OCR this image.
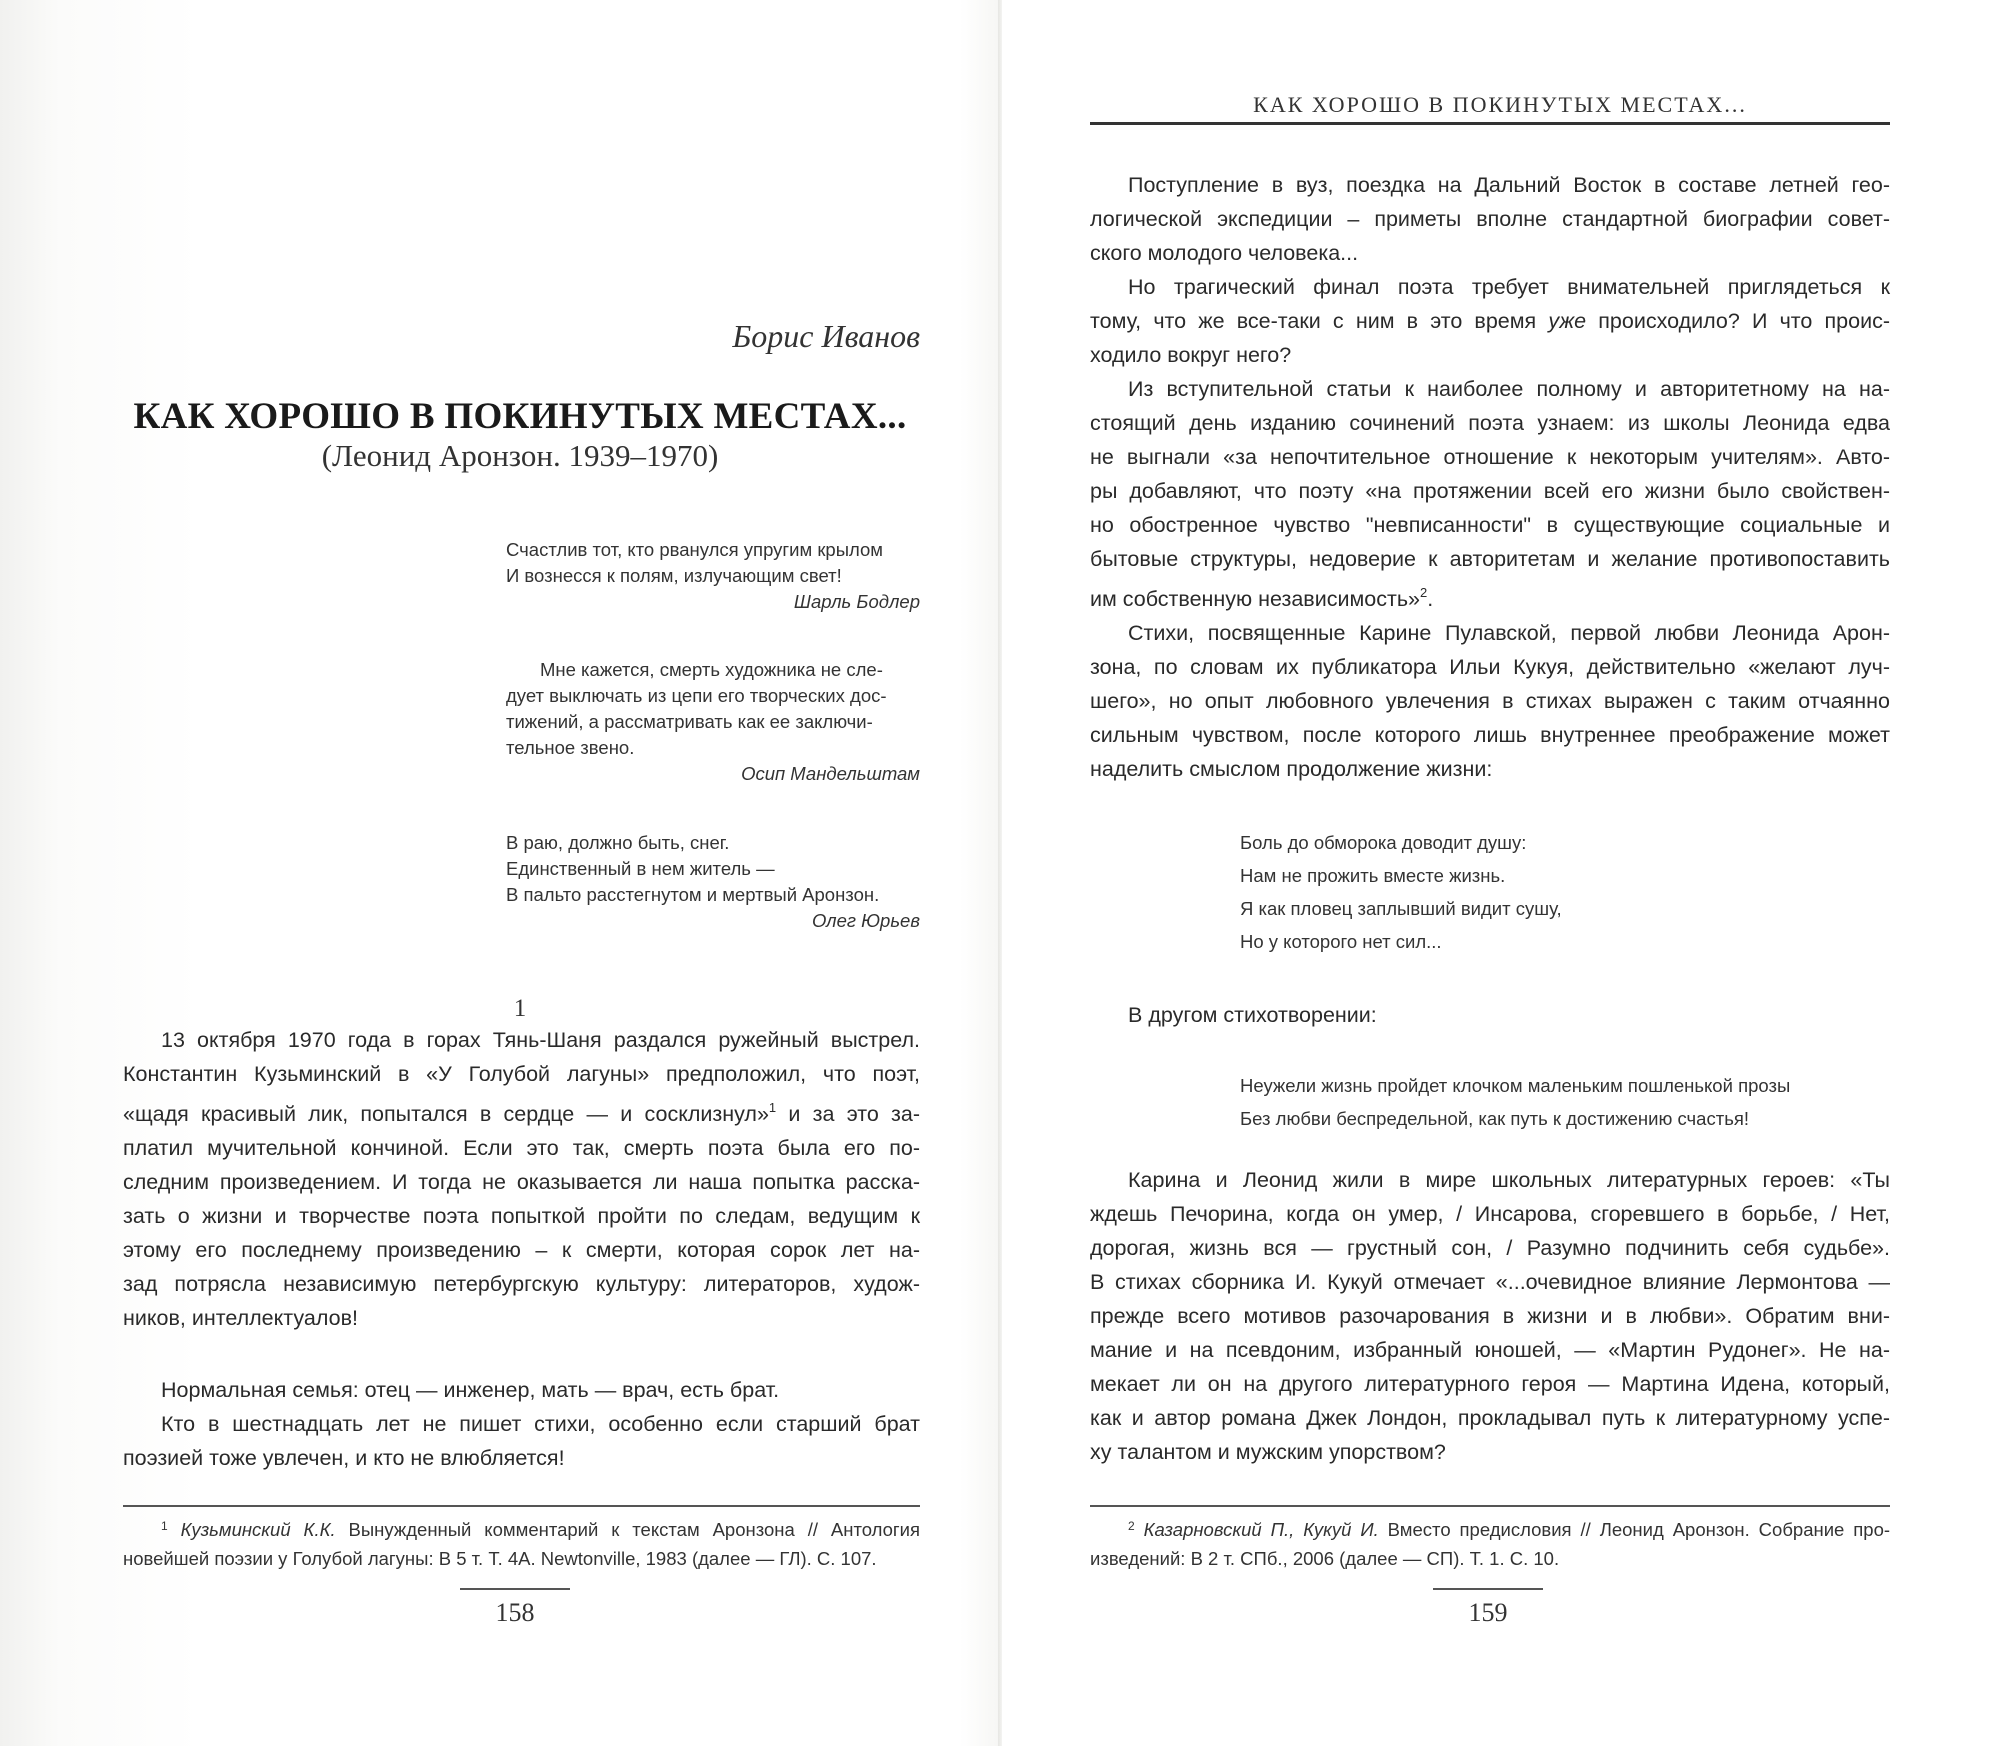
Борис Иванов
КАК ХОРОШО В ПОКИНУТЫХ МЕСТАХ...
(Леонид Аронзон. 1939–1970)
Счастлив тот, кто рванулся упругим крылом
И вознесся к полям, излучающим свет!
Шарль Бодлер
Мне кажется, смерть художника не сле-
дует выключать из цепи его творческих дос-
тижений, а рассматривать как ее заключи-
тельное звено.
Осип Мандельштам
В раю, должно быть, снег.
Единственный в нем житель —
В пальто расстегнутом и мертвый Аронзон.
Олег Юрьев
1
13 октября 1970 года в горах Тянь-Шаня раздался ружейный выстрел.
Константин Кузьминский в «У Голубой лагуны» предположил, что поэт,
«щадя красивый лик, попытался в сердце — и сосклизнул»$^1$ и за это за-
платил мучительной кончиной. Если это так, смерть поэта была его по-
следним произведением. И тогда не оказывается ли наша попытка расска-
зать о жизни и творчестве поэта попыткой пройти по следам, ведущим к
этому его последнему произведению – к смерти, которая сорок лет на-
зад потрясла независимую петербургскую культуру: литераторов, худож-
ников, интеллектуалов!
Нормальная семья: отец — инженер, мать — врач, есть брат.
Кто в шестнадцать лет не пишет стихи, особенно если старший брат
поэзией тоже увлечен, и кто не влюбляется!
$^1$ Кузьминский К.К. Вынужденный комментарий к текстам Аронзона // Антология
новейшей поэзии у Голубой лагуны: В 5 т. Т. 4А. Newtonville, 1983 (далее — ГЛ). С. 107.
158
КАК ХОРОШО В ПОКИНУТЫХ МЕСТАХ...
Поступление в вуз, поездка на Дальний Восток в составе летней гео-
логической экспедиции – приметы вполне стандартной биографии совет-
ского молодого человека...
Но трагический финал поэта требует внимательней приглядеться к
тому, что же все-таки с ним в это время уже происходило? И что проис-
ходило вокруг него?
Из вступительной статьи к наиболее полному и авторитетному на на-
стоящий день изданию сочинений поэта узнаем: из школы Леонида едва
не выгнали «за непочтительное отношение к некоторым учителям». Авто-
ры добавляют, что поэту «на протяжении всей его жизни было свойствен-
но обостренное чувство "невписанности" в существующие социальные и
бытовые структуры, недоверие к авторитетам и желание противопоставить
им собственную независимость»$^2$.
Стихи, посвященные Карине Пулавской, первой любви Леонида Арон-
зона, по словам их публикатора Ильи Кукуя, действительно «желают луч-
шего», но опыт любовного увлечения в стихах выражен с таким отчаянно
сильным чувством, после которого лишь внутреннее преображение может
наделить смыслом продолжение жизни:
Боль до обморока доводит душу:
Нам не прожить вместе жизнь.
Я как пловец заплывший видит сушу,
Но у которого нет сил...
В другом стихотворении:
Неужели жизнь пройдет клочком маленьким пошленькой прозы
Без любви беспредельной, как путь к достижению счастья!
Карина и Леонид жили в мире школьных литературных героев: «Ты
ждешь Печорина, когда он умер, / Инсарова, сгоревшего в борьбе, / Нет,
дорогая, жизнь вся — грустный сон, / Разумно подчинить себя судьбе».
В стихах сборника И. Кукуй отмечает «...очевидное влияние Лермонтова —
прежде всего мотивов разочарования в жизни и в любви». Обратим вни-
мание и на псевдоним, избранный юношей, — «Мартин Рудонег». Не на-
мекает ли он на другого литературного героя — Мартина Идена, который,
как и автор романа Джек Лондон, прокладывал путь к литературному успе-
ху талантом и мужским упорством?
$^2$ Казарновский П., Кукуй И. Вместо предисловия // Леонид Аронзон. Собрание про-
изведений: В 2 т. СПб., 2006 (далее — СП). Т. 1. С. 10.
159
